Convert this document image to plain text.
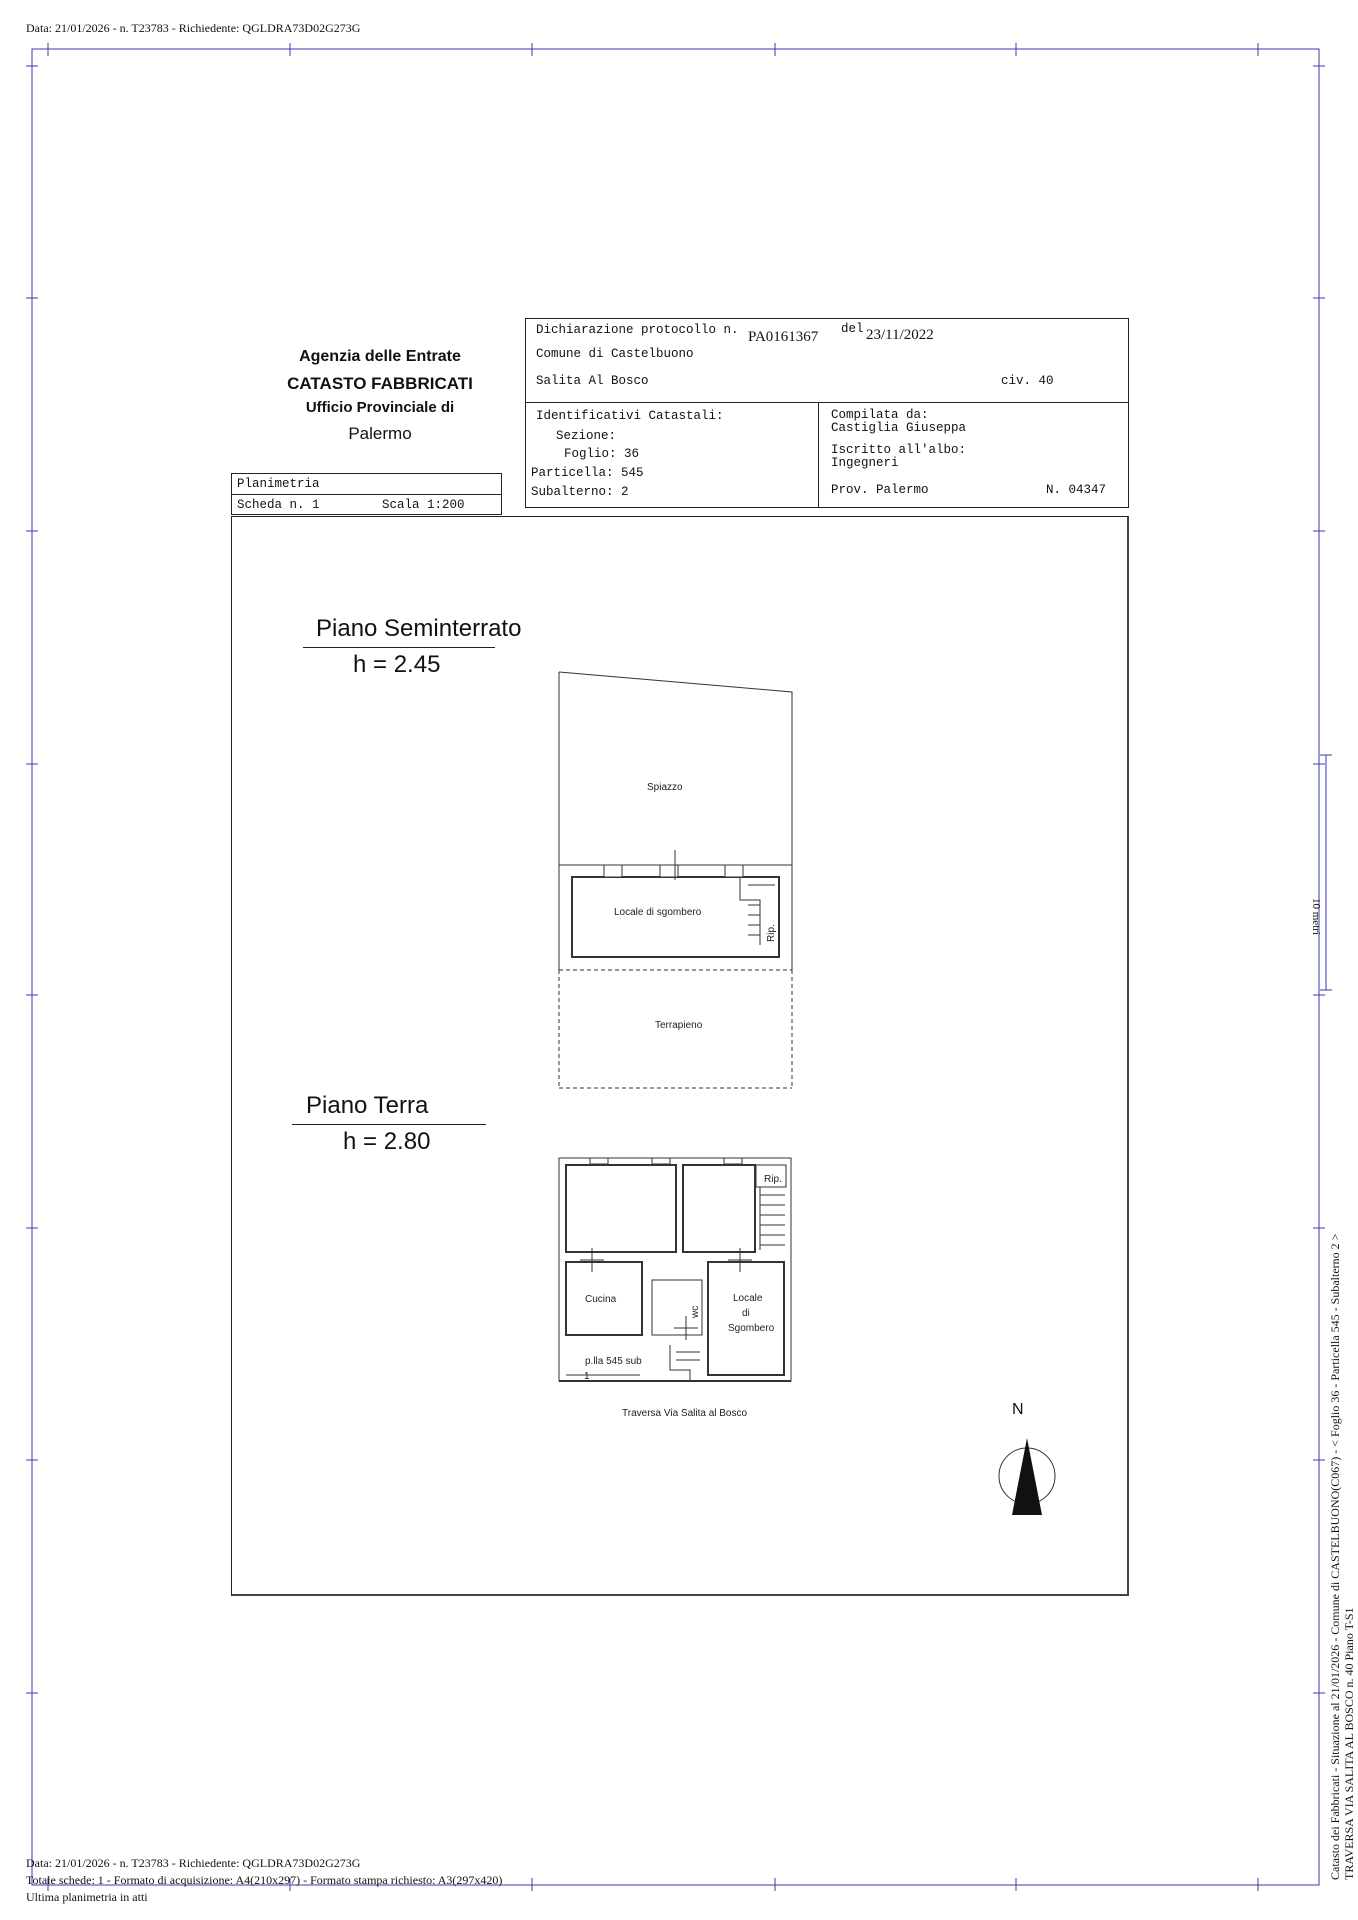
Data: 21/01/2026 - n. T23783 - Richiedente: QGLDRA73D02G273G
Agenzia delle Entrate
CATASTO FABBRICATI
Ufficio Provinciale di
Palermo
Planimetria
Scheda n. 1	Scala 1:200
Dichiarazione protocollo n. PA0161367 del 23/11/2022
Comune di Castelbuono
Salita Al Bosco	civ. 40
Identificativi Catastali:
Sezione:
Foglio: 36
Particella: 545
Subalterno: 2
Compilata da:
Castiglia Giuseppa
Iscritto all'albo:
Ingegneri
Prov. Palermo	N. 04347
Piano Seminterrato
h = 2.45
Piano Terra
h = 2.80
Spiazzo
Locale di sgombero
Rip.
Terrapieno
Rip.
Cucina
wc
Locale
di
Sgombero
p.lla 545 sub
1
Traversa Via Salita al Bosco	N
10 metri
Catasto dei Fabbricati - Situazione al 21/01/2026 - Comune di CASTELBUONO(C067) - < Foglio 36 - Particella 545 - Subalterno 2 > TRAVERSA VIA SALITA AL BOSCO n. 40 Piano T-S1
Data: 21/01/2026 - n. T23783 - Richiedente: QGLDRA73D02G273G
Totale schede: 1 - Formato di acquisizione: A4(210x297) - Formato stampa richiesto: A3(297x420)
Ultima planimetria in atti
